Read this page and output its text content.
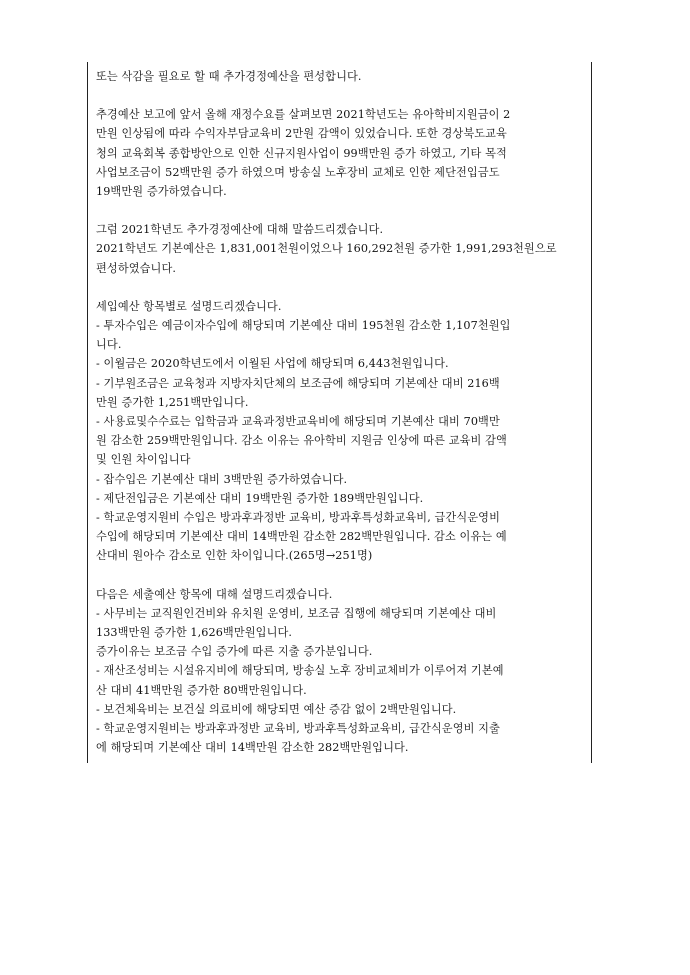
또는 삭감을 필요로 할 때 추가경정예산을 편성합니다.
추경예산 보고에 앞서 올해 재정수요를 살펴보면 2021학년도는 유아학비지원금이 2
만원 인상됨에 따라 수익자부담교육비 2만원 감액이 있었습니다. 또한 경상북도교육
청의 교육회복 종합방안으로 인한 신규지원사업이 99백만원 증가 하였고, 기타 목적
사업보조금이 52백만원 증가 하였으며 방송실 노후장비 교체로 인한 제단전입금도
19백만원 증가하였습니다.
그럼 2021학년도 추가경정예산에 대해 말씀드리겠습니다.
2021학년도 기본예산은 1,831,001천원이었으나 160,292천원 증가한 1,991,293천원으로
편성하였습니다.
세입예산 항목별로 설명드리겠습니다.
- 투자수입은 예금이자수입에 해당되며 기본예산 대비 195천원 감소한 1,107천원입
니다.
- 이월금은 2020학년도에서 이월된 사업에 해당되며 6,443천원입니다.
- 기부원조금은 교육청과 지방자치단체의 보조금에 해당되며 기본예산 대비 216백
만원 증가한 1,251백만입니다.
- 사용료및수수료는 입학금과 교육과정반교육비에 해당되며 기본예산 대비 70백만
원 감소한 259백만원입니다. 감소 이유는 유아학비 지원금 인상에 따른 교육비 감액
및 인원 차이입니다
- 잡수입은 기본예산 대비 3백만원 증가하였습니다.
- 제단전입금은 기본예산 대비 19백만원 증가한 189백만원입니다.
- 학교운영지원비 수입은 방과후과정반 교육비, 방과후특성화교육비, 급간식운영비
수입에 해당되며 기본예산 대비 14백만원 감소한 282백만원입니다. 감소 이유는 예
산대비 원아수 감소로 인한 차이입니다.(265명→251명)
다음은 세출예산 항목에 대해 설명드리겠습니다.
- 사무비는 교직원인건비와 유치원 운영비, 보조금 집행에 해당되며 기본예산 대비
133백만원 증가한 1,626백만원입니다.
증가이유는 보조금 수입 증가에 따른 지출 증가분입니다.
- 재산조성비는 시설유지비에 해당되며, 방송실 노후 장비교체비가 이루어져 기본예
산 대비 41백만원 증가한 80백만원입니다.
- 보건체육비는 보건실 의료비에 해당되면 예산 증감 없이 2백만원입니다.
- 학교운영지원비는 방과후과정반 교육비, 방과후특성화교육비, 급간식운영비 지출
에 해당되며 기본예산 대비 14백만원 감소한 282백만원입니다.
